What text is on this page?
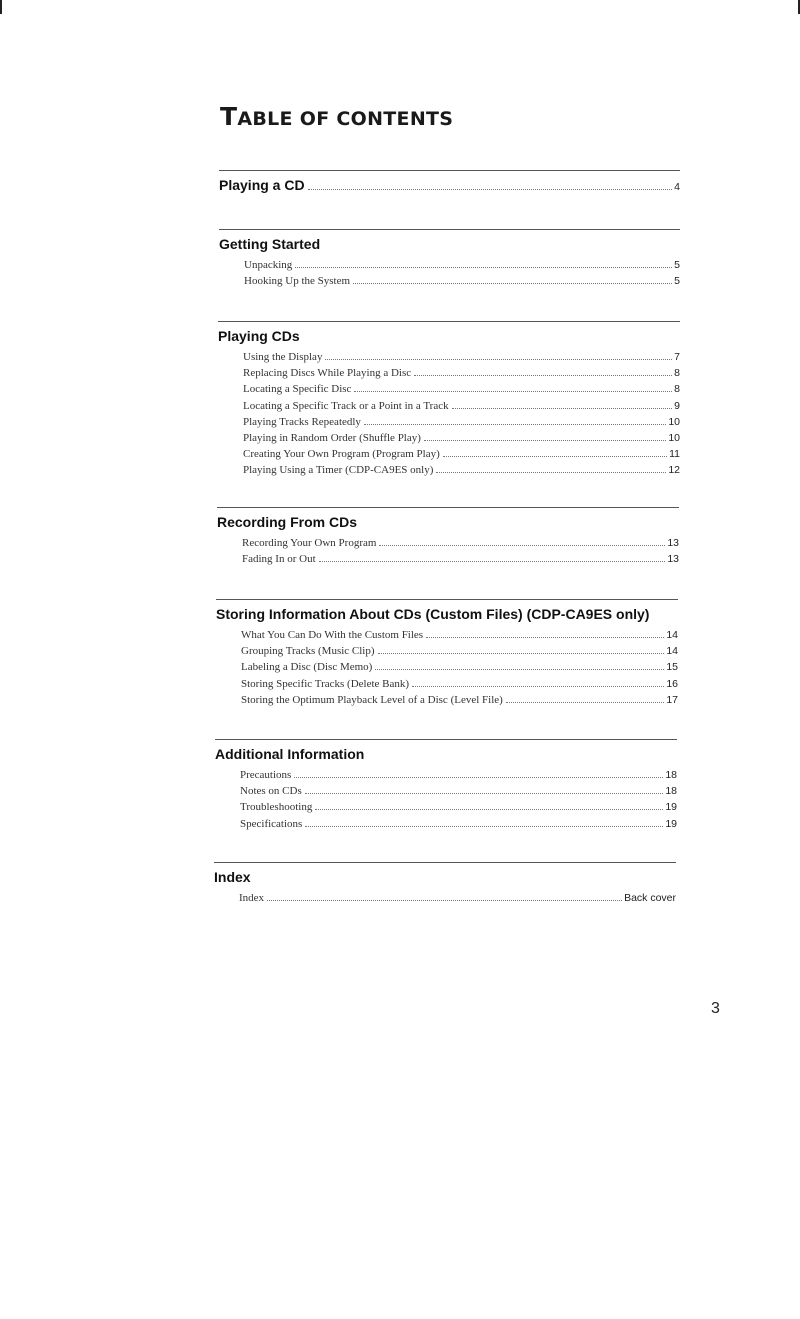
TABLE OF CONTENTS
Playing a CD	4
Getting Started
Unpacking	5
Hooking Up the System	5
Playing CDs
Using the Display	7
Replacing Discs While Playing a Disc	8
Locating a Specific Disc	8
Locating a Specific Track or a Point in a Track	9
Playing Tracks Repeatedly	10
Playing in Random Order (Shuffle Play)	10
Creating Your Own Program (Program Play)	11
Playing Using a Timer (CDP-CA9ES only)	12
Recording From CDs
Recording Your Own Program	13
Fading In or Out	13
Storing Information About CDs (Custom Files) (CDP-CA9ES only)
What You Can Do With the Custom Files	14
Grouping Tracks (Music Clip)	14
Labeling a Disc (Disc Memo)	15
Storing Specific Tracks (Delete Bank)	16
Storing the Optimum Playback Level of a Disc (Level File)	17
Additional Information
Precautions	18
Notes on CDs	18
Troubleshooting	19
Specifications	19
Index
Index	Back cover
3
